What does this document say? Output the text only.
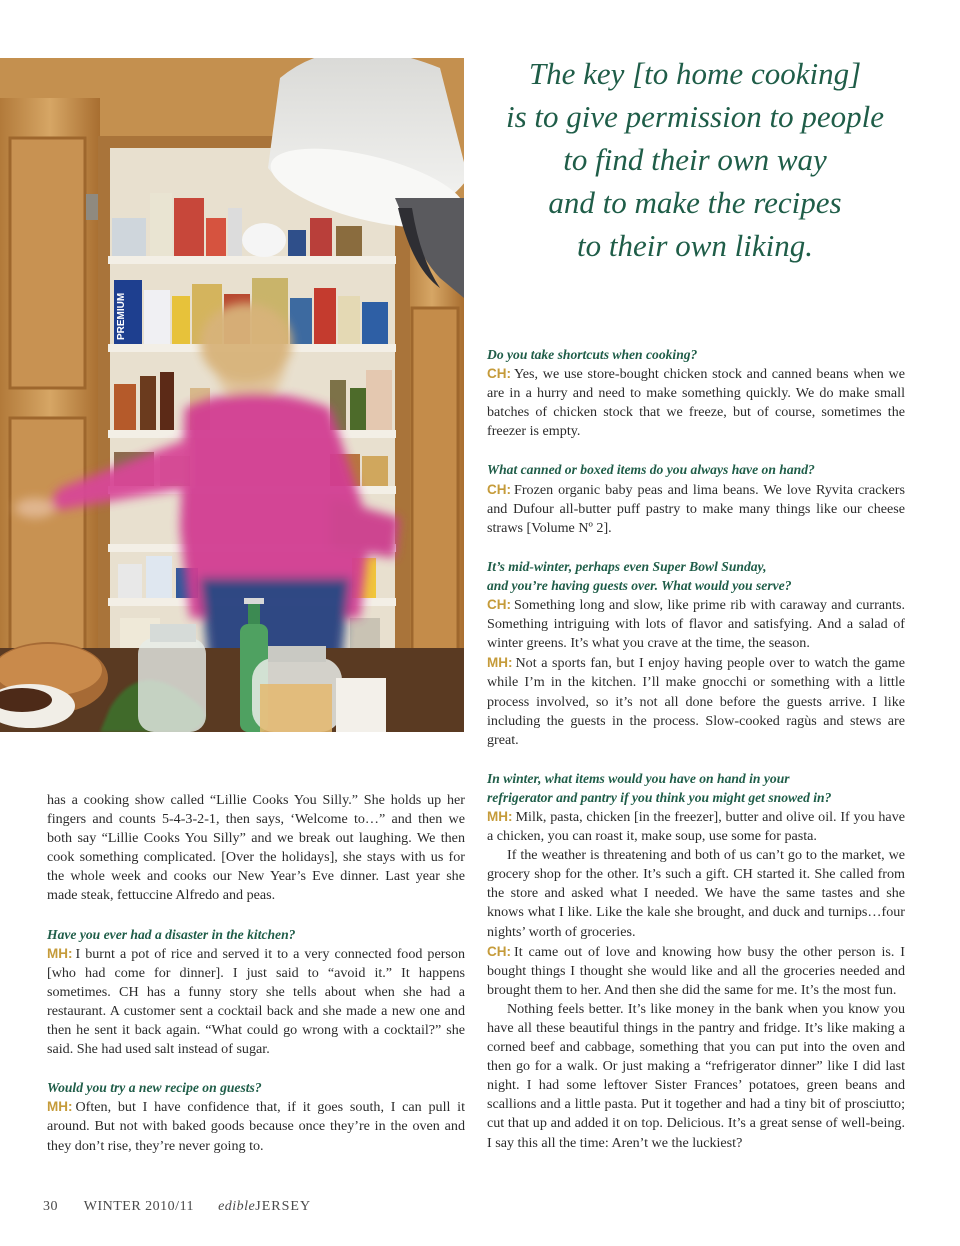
PREMIUM
The key [to home cooking]
is to give permission to people
to find their own way
and to make the recipes
to their own liking.

Do you take shortcuts when cooking?

CH: Yes, we use store-bought chicken stock and canned beans when we are in a hurry and need to make something quickly. We do make small batches of chicken stock that we freeze, but of course, sometimes the freezer is empty.

What canned or boxed items do you always have on hand?

CH: Frozen organic baby peas and lima beans. We love Ryvita crackers and Dufour all-butter puff pastry to make many things like our cheese straws [Volume Nº 2].

It’s mid-winter, perhaps even Super Bowl Sunday,
and you’re having guests over. What would you serve?

CH: Something long and slow, like prime rib with caraway and currants. Something intriguing with lots of flavor and satisfying. And a salad of winter greens. It’s what you crave at the time, the season.

MH: Not a sports fan, but I enjoy having people over to watch the game while I’m in the kitchen. I’ll make gnocchi or something with a little process involved, so it’s not all done before the guests arrive. I like including the guests in the process. Slow-cooked ragùs and stews are great.

In winter, what items would you have on hand in your
refrigerator and pantry if you think you might get snowed in?

MH: Milk, pasta, chicken [in the freezer], butter and olive oil. If you have a chicken, you can roast it, make soup, use some for pasta.

If the weather is threatening and both of us can’t go to the market, we grocery shop for the other. It’s such a gift. CH started it. She called from the store and asked what I needed. We have the same tastes and she knows what I like. Like the kale she brought, and duck and turnips…four nights’ worth of groceries.

CH: It came out of love and knowing how busy the other person is. I bought things I thought she would like and all the groceries needed and brought them to her. And then she did the same for me. It’s the most fun.

Nothing feels better. It’s like money in the bank when you know you have all these beautiful things in the pantry and fridge. It’s like making a corned beef and cabbage, something that you can put into the oven and then go for a walk. Or just making a “refrigerator dinner” like I did last night. I had some leftover Sister Frances’ potatoes, green beans and scallions and a little pasta. Put it together and had a tiny bit of prosciutto; cut that up and added it on top. Delicious. It’s a great sense of well-being. I say this all the time: Aren’t we the luckiest?

has a cooking show called “Lillie Cooks You Silly.” She holds up her fingers and counts 5-4-3-2-1, then says, ‘Welcome to…” and then we both say “Lillie Cooks You Silly” and we break out laughing. We then cook something complicated. [Over the holidays], she stays with us for the whole week and cooks our New Year’s Eve dinner. Last year she made steak, fettuccine Alfredo and peas.

Have you ever had a disaster in the kitchen?

MH: I burnt a pot of rice and served it to a very connected food person [who had come for dinner]. I just said to “avoid it.” It happens sometimes. CH has a funny story she tells about when she had a restaurant. A customer sent a cocktail back and she made a new one and then he sent it back again. “What could go wrong with a cocktail?” she said. She had used salt instead of sugar.

Would you try a new recipe on guests?

MH: Often, but I have confidence that, if it goes south, I can pull it around. But not with baked goods because once they’re in the oven and they don’t rise, they’re never going to.

30 WINTER 2010/11 edibleJERSEY
